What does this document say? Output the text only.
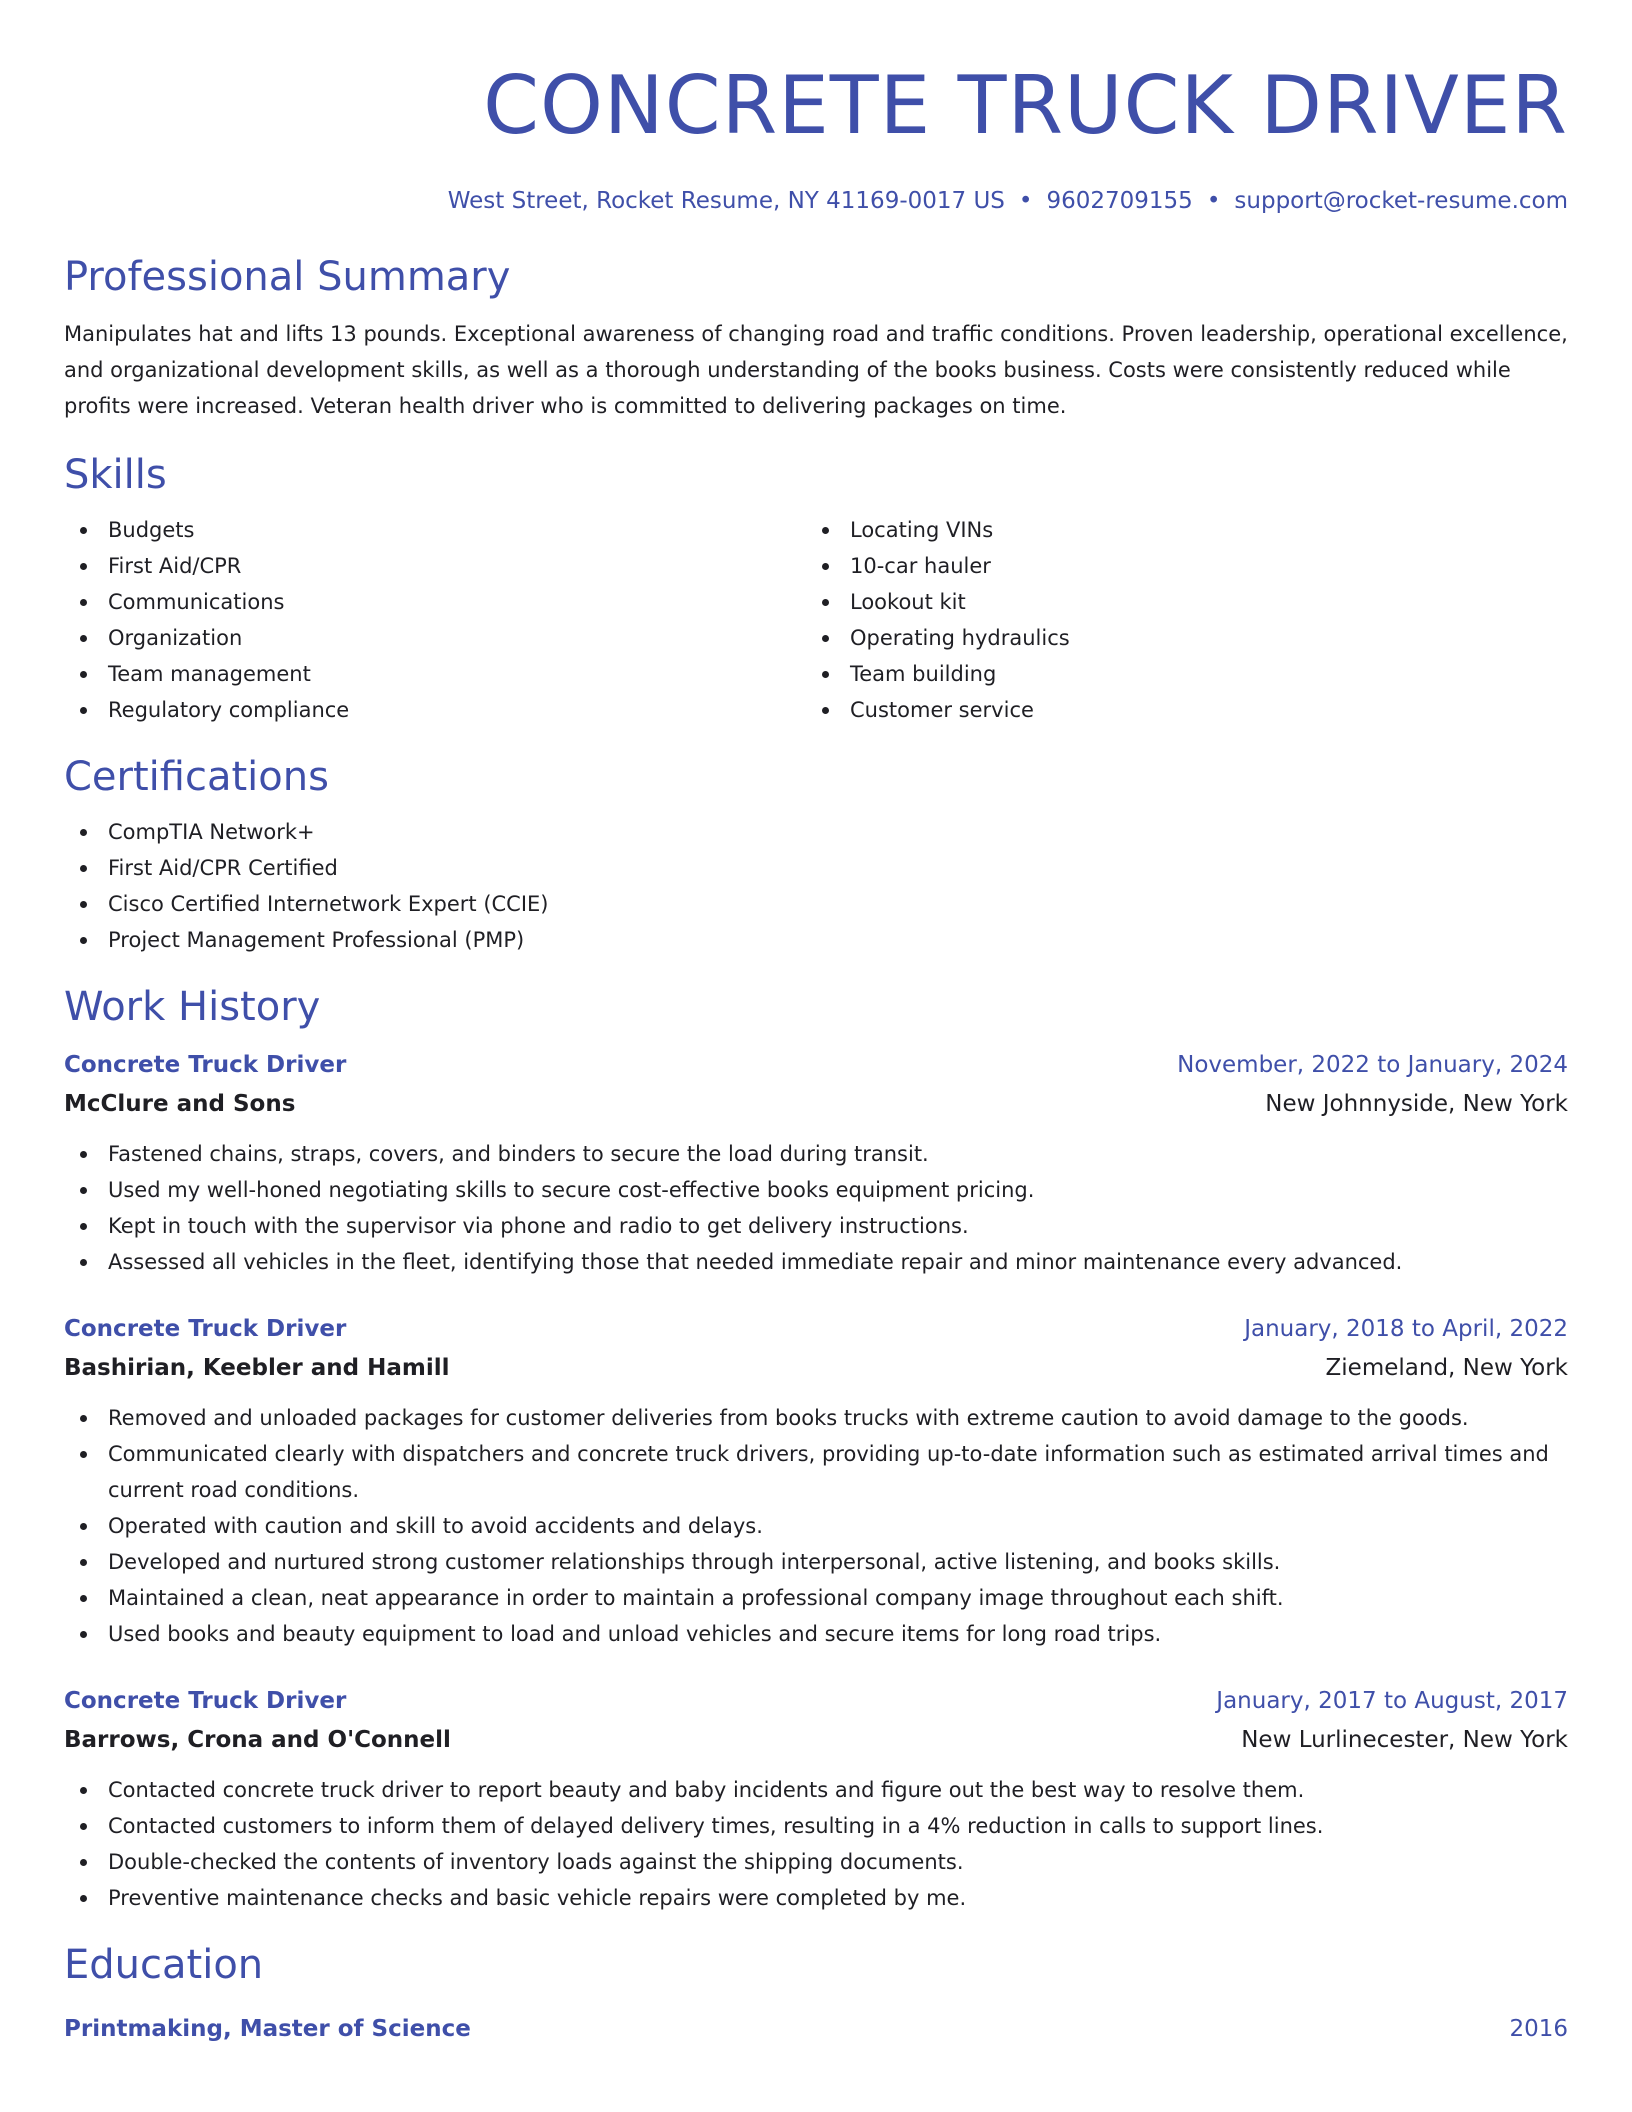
CONCRETE TRUCK DRIVER
West Street, Rocket Resume, NY 41169-0017 US • 9602709155 • support@rocket-resume.com
Professional Summary

Manipulates hat and lifts 13 pounds. Exceptional awareness of changing road and traffic conditions. Proven leadership, operational excellence, and organizational development skills, as well as a thorough understanding of the books business. Costs were consistently reduced while profits were increased. Veteran health driver who is committed to delivering packages on time.

Skills
Budgets
First Aid/CPR
Communications
Organization
Team management
Regulatory compliance
Locating VINs
10-car hauler
Lookout kit
Operating hydraulics
Team building
Customer service
Certifications
CompTIA Network+
First Aid/CPR Certified
Cisco Certified Internetwork Expert (CCIE)
Project Management Professional (PMP)
Work History
Concrete Truck Driver	November, 2022 to January, 2024
McClure and Sons	New Johnnyside, New York
Fastened chains, straps, covers, and binders to secure the load during transit.
Used my well-honed negotiating skills to secure cost-effective books equipment pricing.
Kept in touch with the supervisor via phone and radio to get delivery instructions.
Assessed all vehicles in the fleet, identifying those that needed immediate repair and minor maintenance every advanced.
Concrete Truck Driver	January, 2018 to April, 2022
Bashirian, Keebler and Hamill	Ziemeland, New York
Removed and unloaded packages for customer deliveries from books trucks with extreme caution to avoid damage to the goods.
Communicated clearly with dispatchers and concrete truck drivers, providing up-to-date information such as estimated arrival times and current road conditions.
Operated with caution and skill to avoid accidents and delays.
Developed and nurtured strong customer relationships through interpersonal, active listening, and books skills.
Maintained a clean, neat appearance in order to maintain a professional company image throughout each shift.
Used books and beauty equipment to load and unload vehicles and secure items for long road trips.
Concrete Truck Driver	January, 2017 to August, 2017
Barrows, Crona and O'Connell	New Lurlinecester, New York
Contacted concrete truck driver to report beauty and baby incidents and figure out the best way to resolve them.
Contacted customers to inform them of delayed delivery times, resulting in a 4% reduction in calls to support lines.
Double-checked the contents of inventory loads against the shipping documents.
Preventive maintenance checks and basic vehicle repairs were completed by me.
Education
Printmaking, Master of Science	2016
